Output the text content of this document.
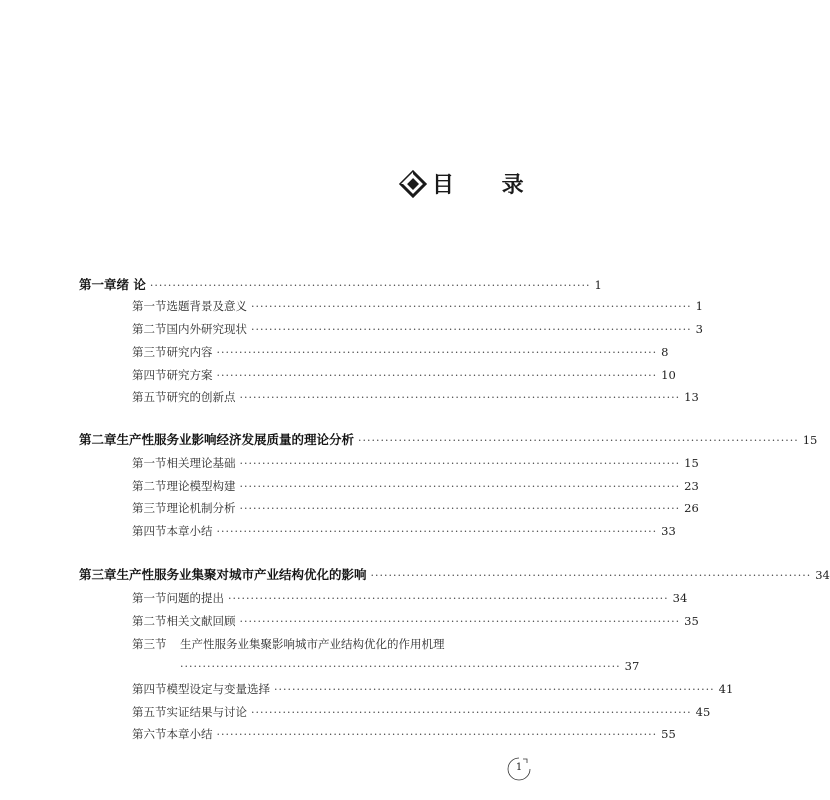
目 录
第一章 绪 论 ·································································································· 1
第一节 选题背景及意义 ·································································································· 1
第二节 国内外研究现状 ·································································································· 3
第三节 研究内容 ·································································································· 8
第四节 研究方案 ·································································································· 10
第五节 研究的创新点 ·································································································· 13
第二章 生产性服务业影响经济发展质量的理论分析 ·································································································· 15
第一节 相关理论基础 ·································································································· 15
第二节 理论模型构建 ·································································································· 23
第三节 理论机制分析 ·································································································· 26
第四节 本章小结 ·································································································· 33
第三章 生产性服务业集聚对城市产业结构优化的影响 ·································································································· 34
第一节 问题的提出 ·································································································· 34
第二节 相关文献回顾 ·································································································· 35
第三节	生产性服务业集聚影响城市产业结构优化的作用机理
·································································································· 37
第四节 模型设定与变量选择 ·································································································· 41
第五节 实证结果与讨论 ·································································································· 45
第六节 本章小结 ·································································································· 55
1
